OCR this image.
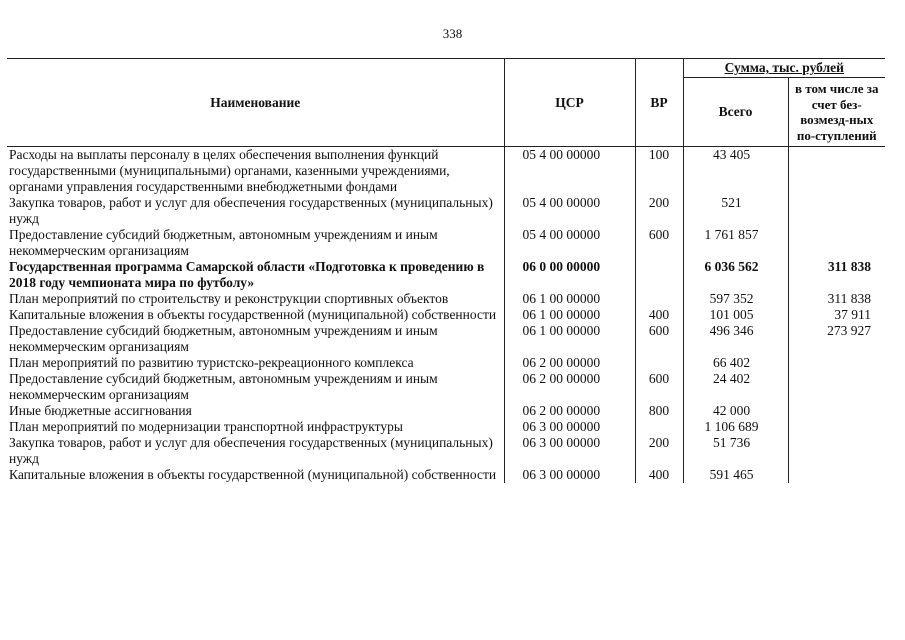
338
Наименование	ЦСР	ВР	Сумма, тыс. рублей	
			Всего	в том числе за счет без-возмезд-ных по-ступлений
Расходы на выплаты персоналу в целях обеспечения выполнения функций государственными (муниципальными) органами, казенными учреждениями, органами управления государственными внебюджетными фондами	05 4 00 00000	100	43 405	
Закупка товаров, работ и услуг для обеспечения государственных (муниципальных) нужд	05 4 00 00000	200	521	
Предоставление субсидий бюджетным, автономным учреждениям и иным некоммерческим организациям	05 4 00 00000	600	1 761 857	
Государственная программа Самарской области «Подготовка к проведению в 2018 году чемпионата мира по футболу»	06 0 00 00000		6 036 562	311 838
План мероприятий по строительству и реконструкции спортивных объектов	06 1 00 00000		597 352	311 838
Капитальные вложения в объекты государственной (муниципальной) собственности	06 1 00 00000	400	101 005	37 911
Предоставление субсидий бюджетным, автономным учреждениям и иным некоммерческим организациям	06 1 00 00000	600	496 346	273 927
План мероприятий по развитию туристско-рекреационного комплекса	06 2 00 00000		66 402	
Предоставление субсидий бюджетным, автономным учреждениям и иным некоммерческим организациям	06 2 00 00000	600	24 402	
Иные бюджетные ассигнования	06 2 00 00000	800	42 000	
План мероприятий по модернизации транспортной инфраструктуры	06 3 00 00000		1 106 689	
Закупка товаров, работ и услуг для обеспечения государственных (муниципальных) нужд	06 3 00 00000	200	51 736	
Капитальные вложения в объекты государственной (муниципальной) собственности	06 3 00 00000	400	591 465	
